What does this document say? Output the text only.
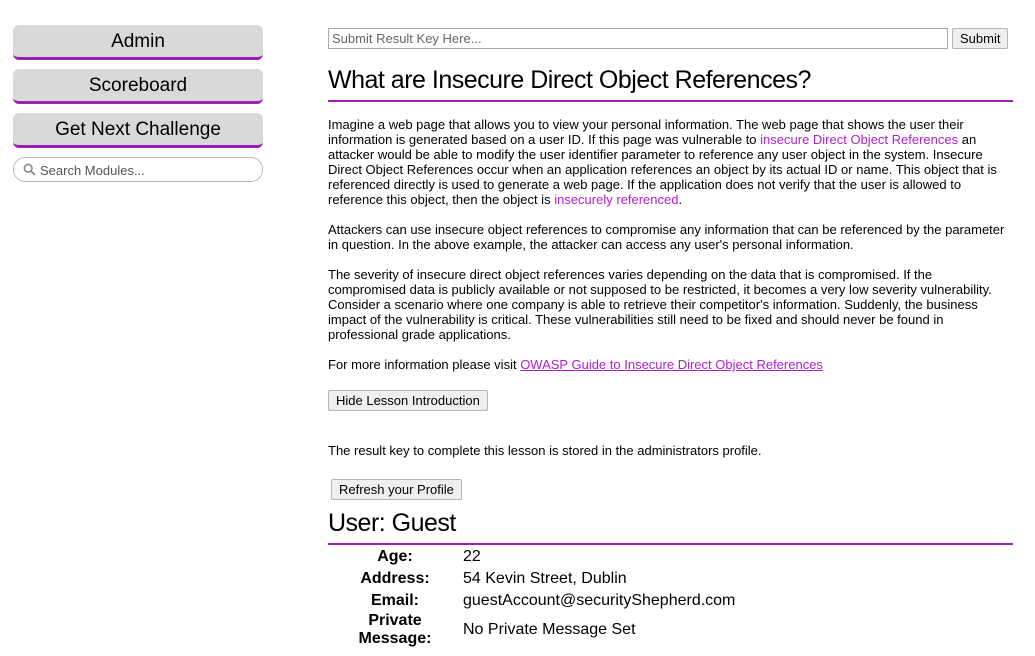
Admin
Scoreboard
Get Next Challenge
Search Modules...
Submit Result Key Here...
Submit
What are Insecure Direct Object References?

Imagine a web page that allows you to view your personal information. The web page that shows the user their information is generated based on a user ID. If this page was vulnerable to insecure Direct Object References an attacker would be able to modify the user identifier parameter to reference any user object in the system. Insecure Direct Object References occur when an application references an object by its actual ID or name. This object that is referenced directly is used to generate a web page. If the application does not verify that the user is allowed to reference this object, then the object is insecurely referenced.

Attackers can use insecure object references to compromise any information that can be referenced by the parameter in question. In the above example, the attacker can access any user's personal information.

The severity of insecure direct object references varies depending on the data that is compromised. If the compromised data is publicly available or not supposed to be restricted, it becomes a very low severity vulnerability. Consider a scenario where one company is able to retrieve their competitor's information. Suddenly, the business impact of the vulnerability is critical. These vulnerabilities still need to be fixed and should never be found in professional grade applications.

For more information please visit OWASP Guide to Insecure Direct Object References

Hide Lesson Introduction

The result key to complete this lesson is stored in the administrators profile.

Refresh your Profile
User: Guest
Age:	22
Address:	54 Kevin Street, Dublin
Email:	guestAccount@securityShepherd.com
Private Message:	No Private Message Set
